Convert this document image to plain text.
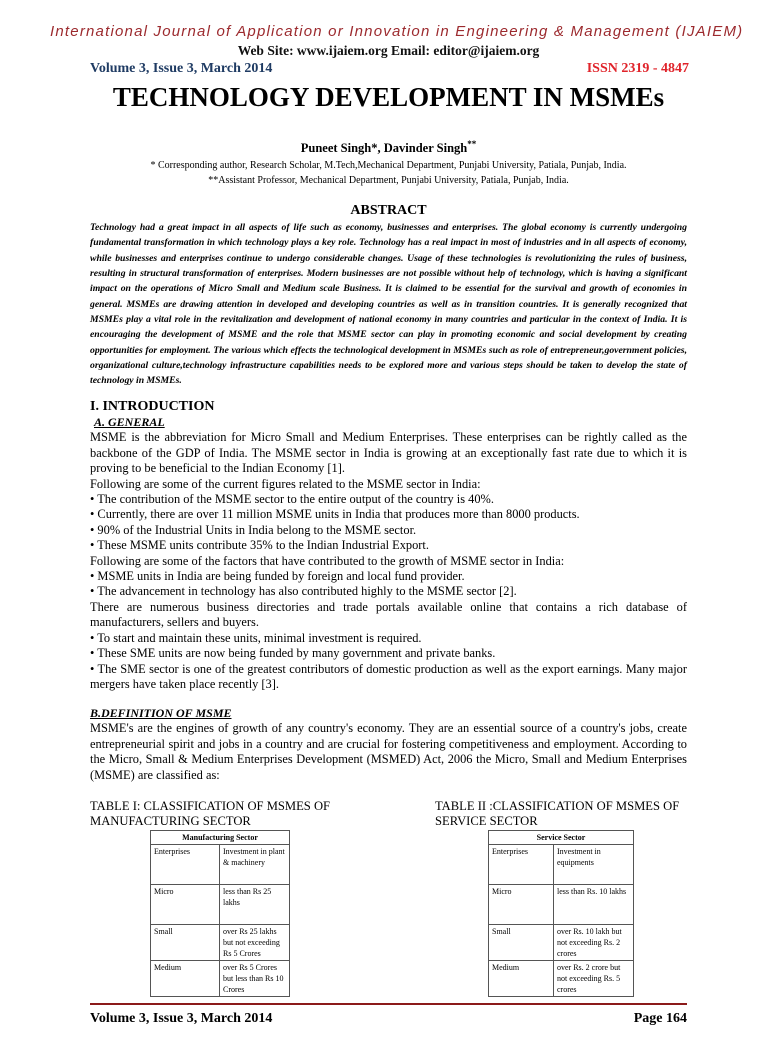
International Journal of Application or Innovation in Engineering & Management (IJAIEM)
Web Site: www.ijaiem.org Email: editor@ijaiem.org
Volume 3, Issue 3, March 2014	ISSN 2319 - 4847
TECHNOLOGY DEVELOPMENT IN MSMEs
Puneet Singh*, Davinder Singh**
* Corresponding author, Research Scholar, M.Tech,Mechanical Department, Punjabi University, Patiala, Punjab, India.
**Assistant Professor, Mechanical Department, Punjabi University, Patiala, Punjab, India.
ABSTRACT
Technology had a great impact in all aspects of life such as economy, businesses and enterprises. The global economy is currently undergoing fundamental transformation in which technology plays a key role. Technology has a real impact in most of industries and in all aspects of economy, while businesses and enterprises continue to undergo considerable changes. Usage of these technologies is revolutionizing the rules of business, resulting in structural transformation of enterprises. Modern businesses are not possible without help of technology, which is having a significant impact on the operations of Micro Small and Medium scale Business. It is claimed to be essential for the survival and growth of economies in general. MSMEs are drawing attention in developed and developing countries as well as in transition countries. It is generally recognized that MSMEs play a vital role in the revitalization and development of national economy in many countries and particular in the context of India. It is encouraging the development of MSME and the role that MSME sector can play in promoting economic and social development by creating opportunities for employment. The various which effects the technological development in MSMEs such as role of entrepreneur,government policies, organizational culture,technology infrastructure capabilities needs to be explored more and various steps should be taken to develop the state of technology in MSMEs.
I. INTRODUCTION
A. GENERAL

MSME is the abbreviation for Micro Small and Medium Enterprises. These enterprises can be rightly called as the backbone of the GDP of India. The MSME sector in India is growing at an exceptionally fast rate due to which it is proving to be beneficial to the Indian Economy [1].

Following are some of the current figures related to the MSME sector in India:

• The contribution of the MSME sector to the entire output of the country is 40%.

• Currently, there are over 11 million MSME units in India that produces more than 8000 products.

• 90% of the Industrial Units in India belong to the MSME sector.

• These MSME units contribute 35% to the Indian Industrial Export.

Following are some of the factors that have contributed to the growth of MSME sector in India:

• MSME units in India are being funded by foreign and local fund provider.

• The advancement in technology has also contributed highly to the MSME sector [2].

There are numerous business directories and trade portals available online that contains a rich database of manufacturers, sellers and buyers.

• To start and maintain these units, minimal investment is required.

• These SME units are now being funded by many government and private banks.

• The SME sector is one of the greatest contributors of domestic production as well as the export earnings. Many major mergers have taken place recently [3].

B.DEFINITION OF MSME

MSME's are the engines of growth of any country's economy. They are an essential source of a country's jobs, create entrepreneurial spirit and jobs in a country and are crucial for fostering competitiveness and employment. According to the Micro, Small & Medium Enterprises Development (MSMED) Act, 2006 the Micro, Small and Medium Enterprises (MSME) are classified as:

TABLE I: CLASSIFICATION OF MSMES OF MANUFACTURING SECTOR
Manufacturing Sector	
Enterprises	Investment in plant & machinery
Micro	less than Rs 25 lakhs
Small	over Rs 25 lakhs but not exceeding Rs 5 Crores
Medium	over Rs 5 Crores but less than Rs 10 Crores
TABLE II :CLASSIFICATION OF MSMES OF SERVICE SECTOR
Service Sector	
Enterprises	Investment in equipments
Micro	less than Rs. 10 lakhs
Small	over Rs. 10 lakh but not exceeding Rs. 2 crores
Medium	over Rs. 2 crore but not exceeding Rs. 5 crores
Volume 3, Issue 3, March 2014	Page 164
